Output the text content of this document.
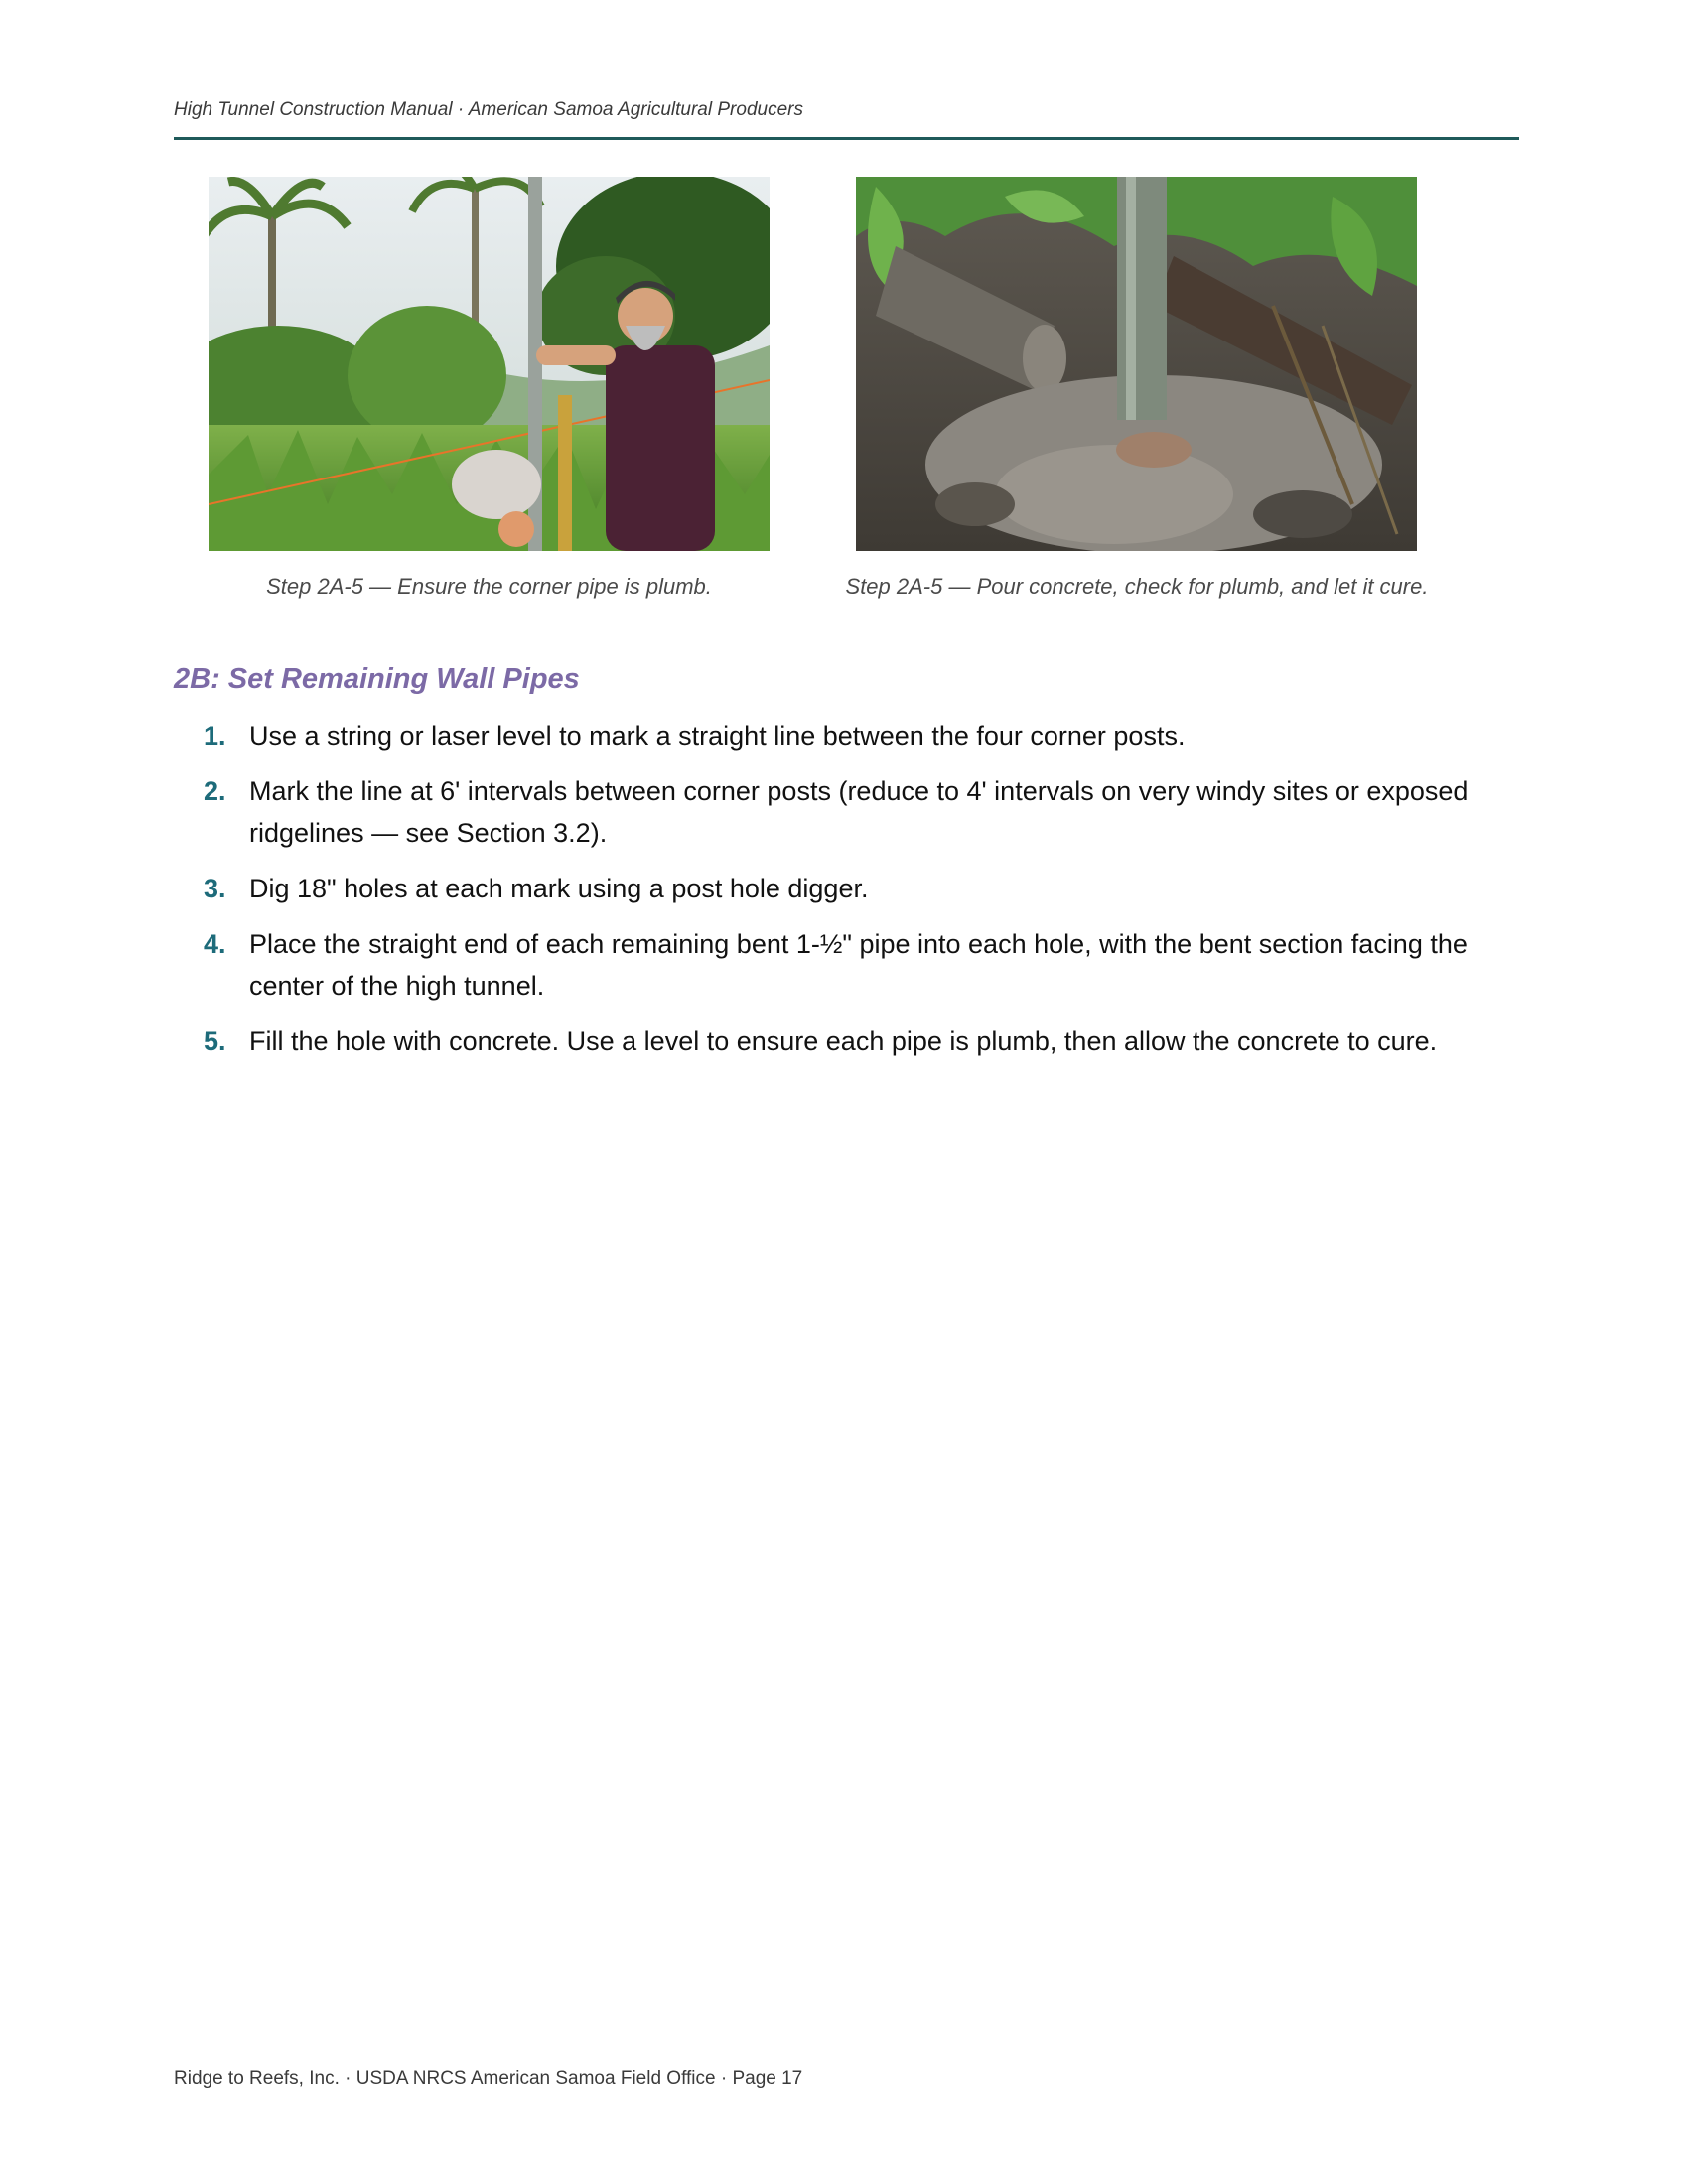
High Tunnel Construction Manual · American Samoa Agricultural Producers
Step 2A-5 — Ensure the corner pipe is plumb.	Step 2A-5 — Pour concrete, check for plumb, and let it cure.
2B: Set Remaining Wall Pipes
1. Use a string or laser level to mark a straight line between the four corner posts.
2. Mark the line at 6' intervals between corner posts (reduce to 4' intervals on very windy sites or exposed ridgelines — see Section 3.2).
3. Dig 18" holes at each mark using a post hole digger.
4. Place the straight end of each remaining bent 1-½" pipe into each hole, with the bent section facing the center of the high tunnel.
5. Fill the hole with concrete. Use a level to ensure each pipe is plumb, then allow the concrete to cure.
Ridge to Reefs, Inc. · USDA NRCS American Samoa Field Office · Page 17
